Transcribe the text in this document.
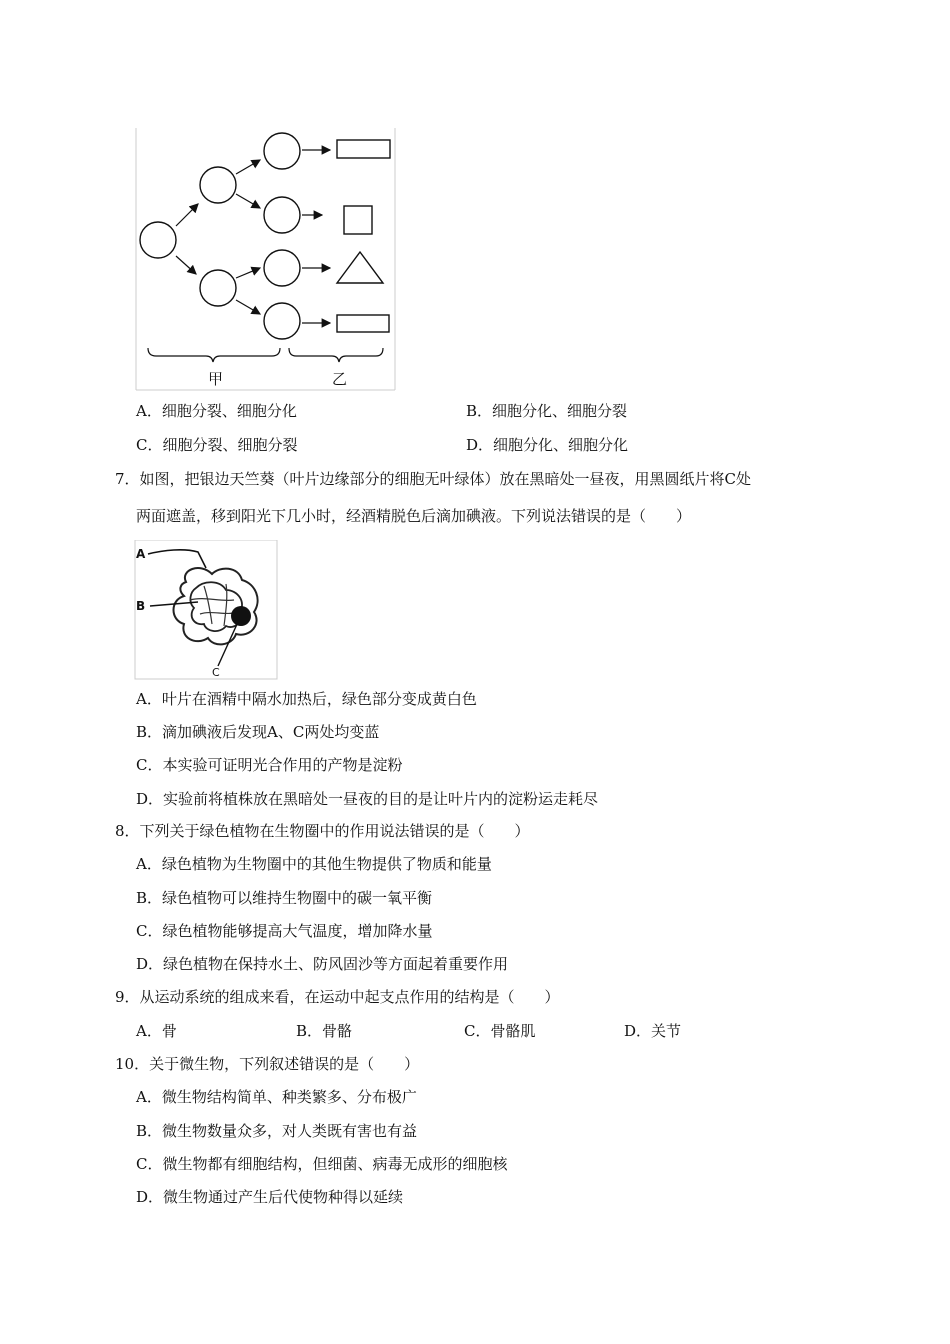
甲	乙
A．细胞分裂、细胞分化	B．细胞分化、细胞分裂
C．细胞分裂、细胞分裂	D．细胞分化、细胞分化
7．如图，把银边天竺葵（叶片边缘部分的细胞无叶绿体）放在黑暗处一昼夜，用黑圆纸片将C处
两面遮盖，移到阳光下几小时，经酒精脱色后滴加碘液。下列说法错误的是（　　）
A
B
C
A．叶片在酒精中隔水加热后，绿色部分变成黄白色
B．滴加碘液后发现A、C两处均变蓝
C．本实验可证明光合作用的产物是淀粉
D．实验前将植株放在黑暗处一昼夜的目的是让叶片内的淀粉运走耗尽
8．下列关于绿色植物在生物圈中的作用说法错误的是（　　）
A．绿色植物为生物圈中的其他生物提供了物质和能量
B．绿色植物可以维持生物圈中的碳一氧平衡
C．绿色植物能够提高大气温度，增加降水量
D．绿色植物在保持水土、防风固沙等方面起着重要作用
9．从运动系统的组成来看，在运动中起支点作用的结构是（　　）
A．骨	B．骨骼	C．骨骼肌	D．关节
10．关于微生物，下列叙述错误的是（　　）
A．微生物结构简单、种类繁多、分布极广
B．微生物数量众多，对人类既有害也有益
C．微生物都有细胞结构，但细菌、病毒无成形的细胞核
D．微生物通过产生后代使物种得以延续
